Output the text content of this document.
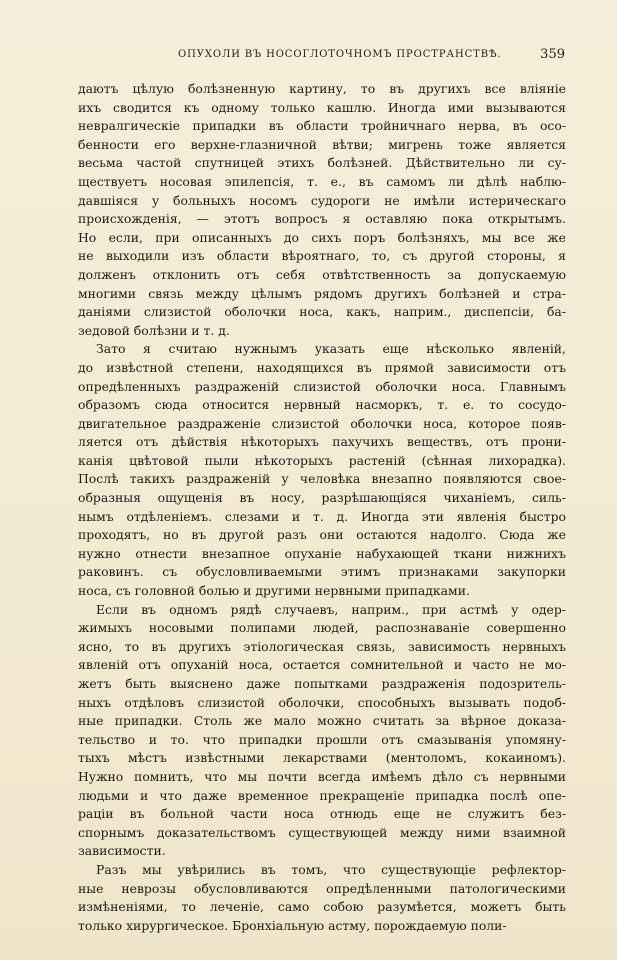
ОПУХОЛИ ВЪ НОСОГЛОТОЧНОМЪ ПРОСТРАНСТВѢ.	359
даютъ цѣлую болѣзненную картину, то въ другихъ все вліяніе
ихъ сводится къ одному только кашлю. Иногда ими вызываются
невралгическіе припадки въ области тройничнаго нерва, въ осо-
бенности его верхне-глазничной вѣтви; мигрень тоже является
весьма частой спутницей этихъ болѣзней. Дѣйствительно ли су-
ществуетъ носовая эпилепсія, т. е., въ самомъ ли дѣлѣ наблю-
давшіяся у больныхъ носомъ судороги не имѣли истерическаго
происхожденія, — этотъ вопросъ я оставляю пока открытымъ.
Но если, при описанныхъ до сихъ поръ болѣзняхъ, мы все же
не выходили изъ области вѣроятнаго, то, съ другой стороны, я
долженъ отклонить отъ себя отвѣтственность за допускаемую
многими связь между цѣлымъ рядомъ другихъ болѣзней и стра-
даніями слизистой оболочки носа, какъ, наприм., диспепсіи, ба-
зедовой болѣзни и т. д.
Зато я считаю нужнымъ указать еще нѣсколько явленій,
до извѣстной степени, находящихся въ прямой зависимости отъ
опредѣленныхъ раздраженій слизистой оболочки носа. Главнымъ
образомъ сюда относится нервный насморкъ, т. е. то сосудо-
двигательное раздраженіе слизистой оболочки носа, которое появ-
ляется отъ дѣйствія нѣкоторыхъ пахучихъ веществъ, отъ прони-
канія цвѣтовой пыли нѣкоторыхъ растеній (сѣнная лихорадка).
Послѣ такихъ раздраженій у человѣка внезапно появляются свое-
образныя ощущенія въ носу, разрѣшающіяся чиханіемъ, силь-
нымъ отдѣленіемъ. слезами и т. д. Иногда эти явленія быстро
проходятъ, но въ другой разъ они остаются надолго. Сюда же
нужно отнести внезапное опуханіе набухающей ткани нижнихъ
раковинъ. съ обусловливаемыми этимъ признаками закупорки
носа, съ головной болью и другими нервными припадками.
Если въ одномъ рядѣ случаевъ, наприм., при астмѣ у одер-
жимыхъ носовыми полипами людей, распознаваніе совершенно
ясно, то въ другихъ этіологическая связь, зависимость нервныхъ
явленій отъ опуханій носа, остается сомнительной и часто не мо-
жетъ быть выяснено даже попытками раздраженія подозритель-
ныхъ отдѣловъ слизистой оболочки, способныхъ вызывать подоб-
ные припадки. Столь же мало можно считать за вѣрное доказа-
тельство и то. что припадки прошли отъ смазыванія упомяну-
тыхъ мѣстъ извѣстными лекарствами (ментоломъ, кокаиномъ).
Нужно помнить, что мы почти всегда имѣемъ дѣло съ нервными
людьми и что даже временное прекращеніе припадка послѣ опе-
раціи въ больной части носа отнюдь еще не служитъ без-
спорнымъ доказательствомъ существующей между ними взаимной
зависимости.
Разъ мы увѣрились въ томъ, что существующіе рефлектор-
ные неврозы обусловливаются опредѣленными патологическими
измѣненіями, то леченіе, само собою разумѣется, можетъ быть
только хирургическое. Бронхіальную астму, порождаемую поли-
